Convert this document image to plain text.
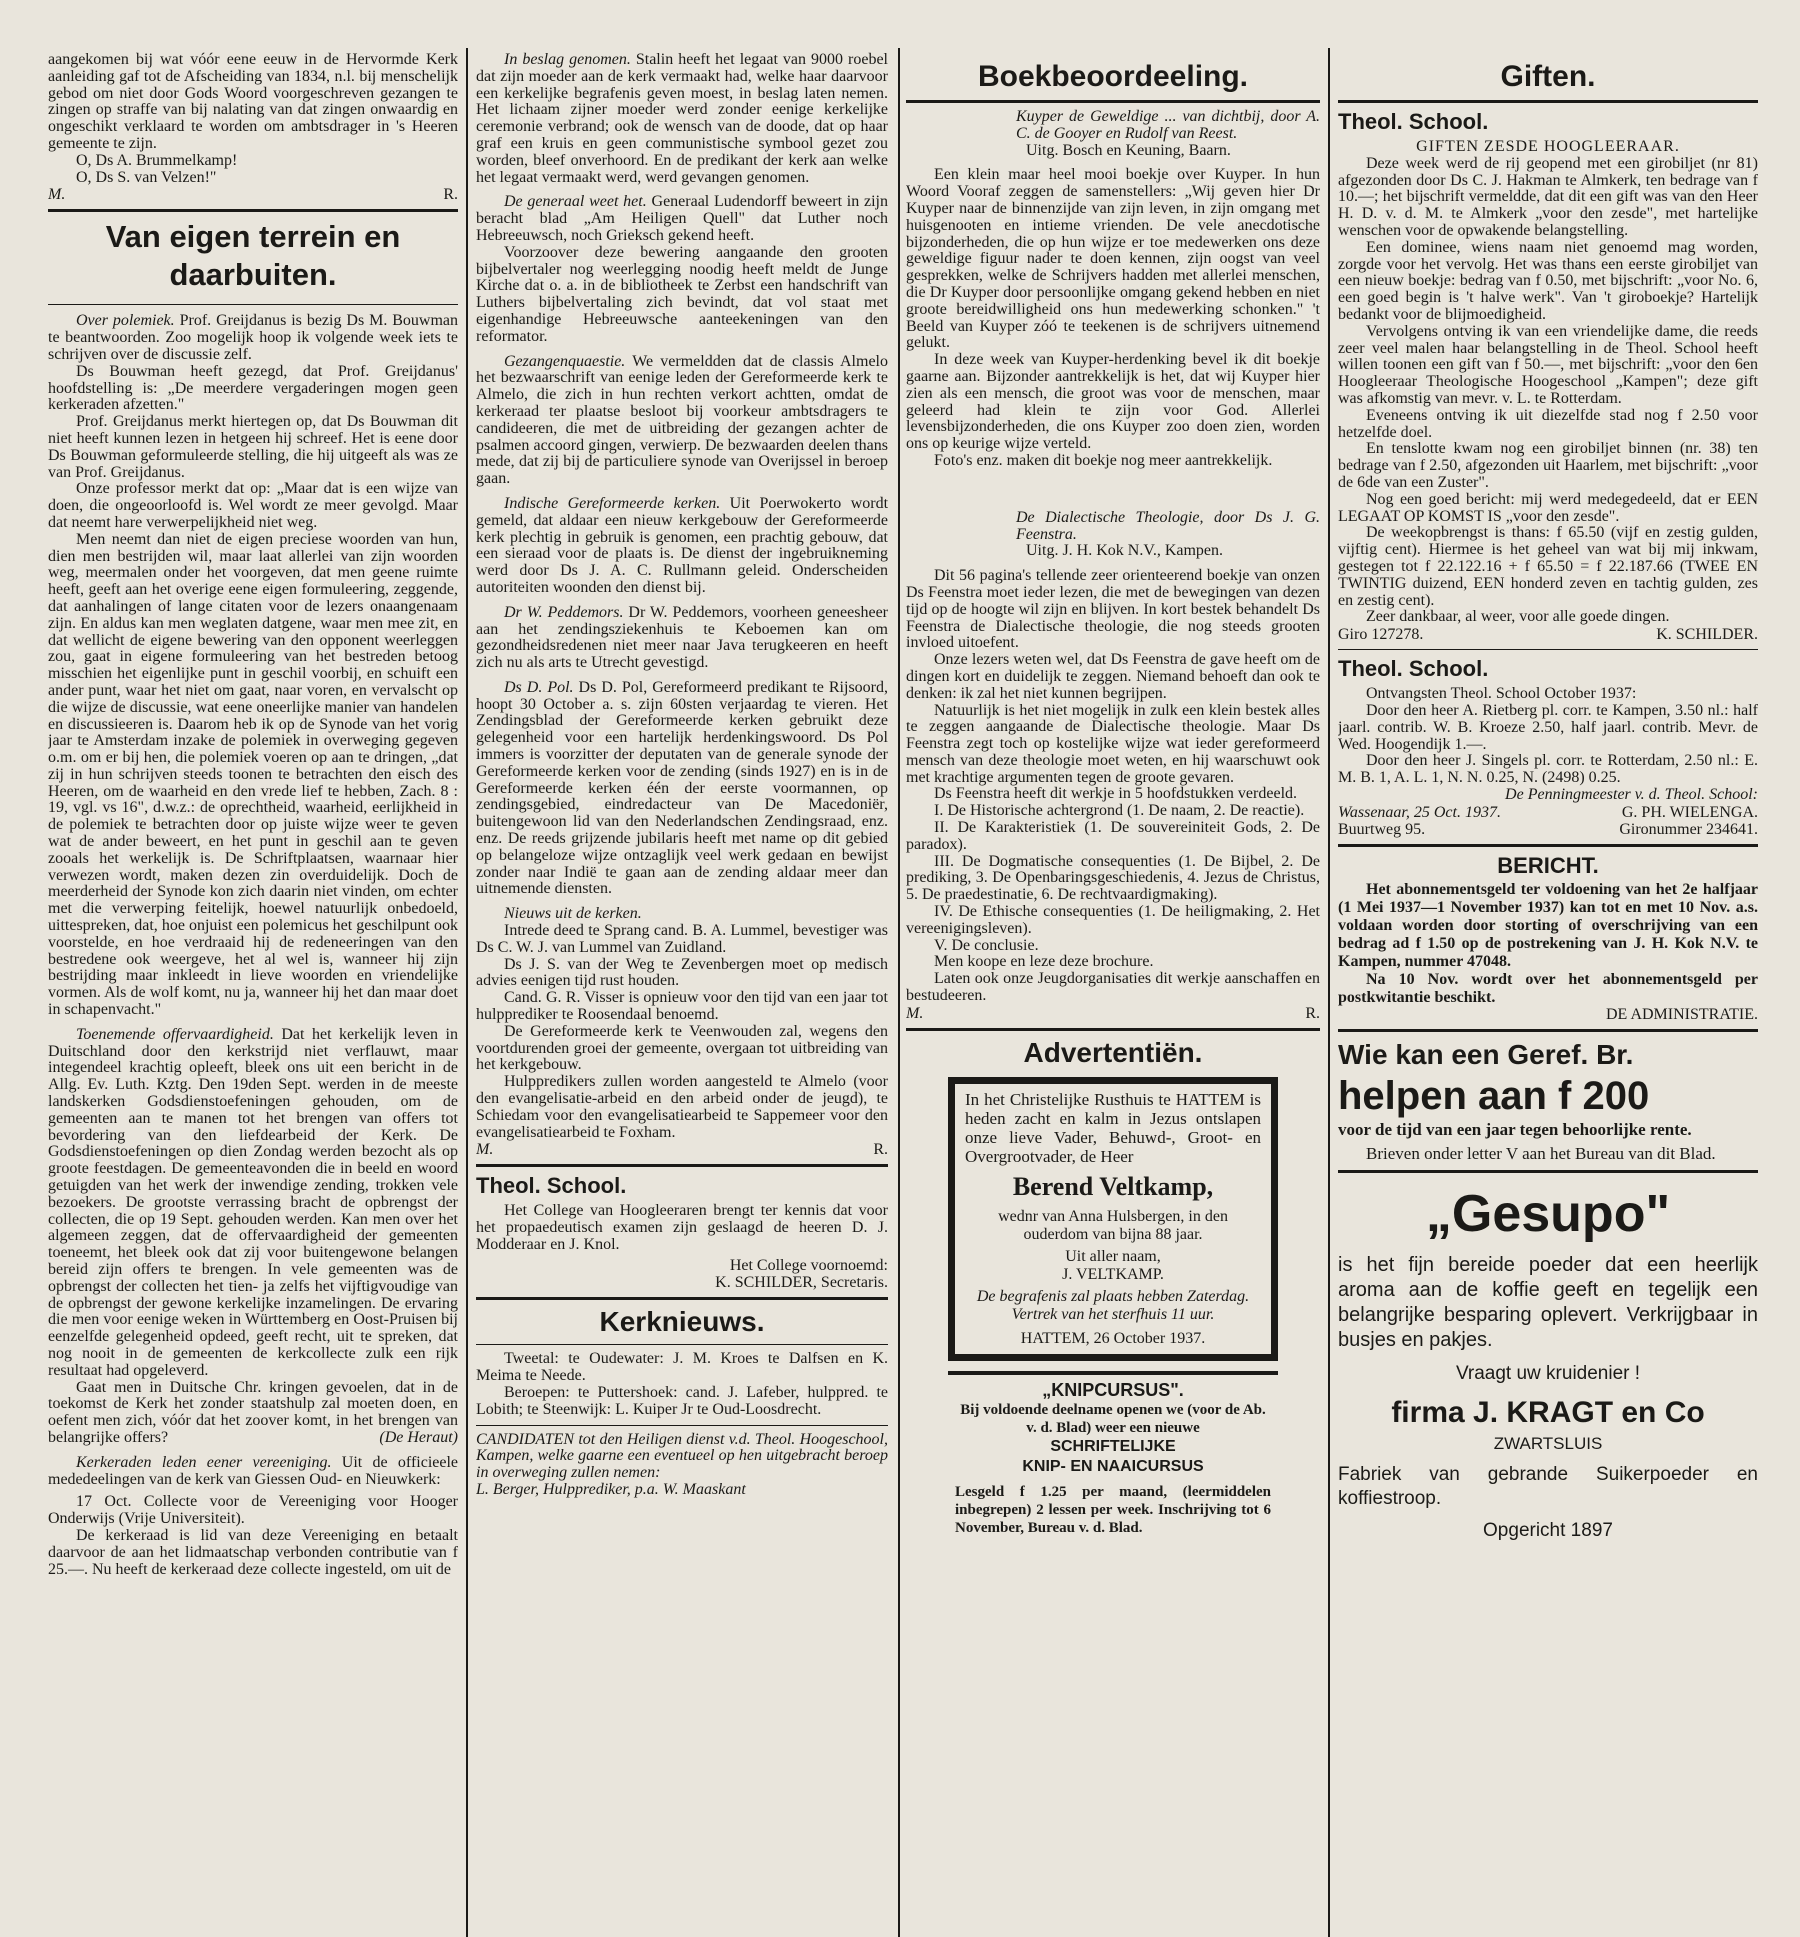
aangekomen bij wat vóór eene eeuw in de Hervormde Kerk aanleiding gaf tot de Afscheiding van 1834, n.l. bij menschelijk gebod om niet door Gods Woord voorgeschreven gezangen te zingen op straffe van bij nalating van dat zingen onwaardig en ongeschikt verklaard te worden om ambtsdrager in 's Heeren gemeente te zijn.

O, Ds A. Brummelkamp!

O, Ds S. van Velzen!"

M.	R.
Van eigen terrein en daarbuiten.

Over polemiek. Prof. Greijdanus is bezig Ds M. Bouwman te beantwoorden. Zoo mogelijk hoop ik volgende week iets te schrijven over de discussie zelf.

Ds Bouwman heeft gezegd, dat Prof. Greijdanus' hoofdstelling is: „De meerdere vergaderingen mogen geen kerkeraden afzetten."

Prof. Greijdanus merkt hiertegen op, dat Ds Bouwman dit niet heeft kunnen lezen in hetgeen hij schreef. Het is eene door Ds Bouwman geformuleerde stelling, die hij uitgeeft als was ze van Prof. Greijdanus.

Onze professor merkt dat op: „Maar dat is een wijze van doen, die ongeoorloofd is. Wel wordt ze meer gevolgd. Maar dat neemt hare verwerpelijkheid niet weg.

Men neemt dan niet de eigen preciese woorden van hun, dien men bestrijden wil, maar laat allerlei van zijn woorden weg, meermalen onder het voorgeven, dat men geene ruimte heeft, geeft aan het overige eene eigen formuleering, zeggende, dat aanhalingen of lange citaten voor de lezers onaangenaam zijn. En aldus kan men weglaten datgene, waar men mee zit, en dat wellicht de eigene bewering van den opponent weerleggen zou, gaat in eigene formuleering van het bestreden betoog misschien het eigenlijke punt in geschil voorbij, en schuift een ander punt, waar het niet om gaat, naar voren, en vervalscht op die wijze de discussie, wat eene oneerlijke manier van handelen en discussieeren is. Daarom heb ik op de Synode van het vorig jaar te Amsterdam inzake de polemiek in overweging gegeven o.m. om er bij hen, die polemiek voeren op aan te dringen, „dat zij in hun schrijven steeds toonen te betrachten den eisch des Heeren, om de waarheid en den vrede lief te hebben, Zach. 8 : 19, vgl. vs 16", d.w.z.: de oprechtheid, waarheid, eerlijkheid in de polemiek te betrachten door op juiste wijze weer te geven wat de ander beweert, en het punt in geschil aan te geven zooals het werkelijk is. De Schriftplaatsen, waarnaar hier verwezen wordt, maken dezen zin overduidelijk. Doch de meerderheid der Synode kon zich daarin niet vinden, om echter met die verwerping feitelijk, hoewel natuurlijk onbedoeld, uittespreken, dat, hoe onjuist een polemicus het geschilpunt ook voorstelde, en hoe verdraaid hij de redeneeringen van den bestredene ook weergeve, het al wel is, wanneer hij zijn bestrijding maar inkleedt in lieve woorden en vriendelijke vormen. Als de wolf komt, nu ja, wanneer hij het dan maar doet in schapenvacht."

Toenemende offervaardigheid. Dat het kerkelijk leven in Duitschland door den kerkstrijd niet verflauwt, maar integendeel krachtig opleeft, bleek ons uit een bericht in de Allg. Ev. Luth. Kztg. Den 19den Sept. werden in de meeste landskerken Godsdienstoefeningen gehouden, om de gemeenten aan te manen tot het brengen van offers tot bevordering van den liefdearbeid der Kerk. De Godsdienstoefeningen op dien Zondag werden bezocht als op groote feestdagen. De gemeenteavonden die in beeld en woord getuigden van het werk der inwendige zending, trokken vele bezoekers. De grootste verrassing bracht de opbrengst der collecten, die op 19 Sept. gehouden werden. Kan men over het algemeen zeggen, dat de offervaardigheid der gemeenten toeneemt, het bleek ook dat zij voor buitengewone belangen bereid zijn offers te brengen. In vele gemeenten was de opbrengst der collecten het tien- ja zelfs het vijftigvoudige van de opbrengst der gewone kerkelijke inzamelingen. De ervaring die men voor eenige weken in Württemberg en Oost-Pruisen bij eenzelfde gelegenheid opdeed, geeft recht, uit te spreken, dat nog nooit in de gemeenten de kerkcollecte zulk een rijk resultaat had opgeleverd.

Gaat men in Duitsche Chr. kringen gevoelen, dat in de toekomst de Kerk het zonder staatshulp zal moeten doen, en oefent men zich, vóór dat het zoover komt, in het brengen van belangrijke offers?	(De Heraut)

Kerkeraden leden eener vereeniging. Uit de officieele mededeelingen van de kerk van Giessen Oud- en Nieuwkerk:

17 Oct. Collecte voor de Vereeniging voor Hooger Onderwijs (Vrije Universiteit).

De kerkeraad is lid van deze Vereeniging en betaalt daarvoor de aan het lidmaatschap verbonden contributie van f 25.—. Nu heeft de kerkeraad deze collecte ingesteld, om uit de

In beslag genomen. Stalin heeft het legaat van 9000 roebel dat zijn moeder aan de kerk vermaakt had, welke haar daarvoor een kerkelijke begrafenis geven moest, in beslag laten nemen. Het lichaam zijner moeder werd zonder eenige kerkelijke ceremonie verbrand; ook de wensch van de doode, dat op haar graf een kruis en geen communistische symbool gezet zou worden, bleef onverhoord. En de predikant der kerk aan welke het legaat vermaakt werd, werd gevangen genomen.

De generaal weet het. Generaal Ludendorff beweert in zijn beracht blad „Am Heiligen Quell" dat Luther noch Hebreeuwsch, noch Grieksch gekend heeft.

Voorzoover deze bewering aangaande den grooten bijbelvertaler nog weerlegging noodig heeft meldt de Junge Kirche dat o. a. in de bibliotheek te Zerbst een handschrift van Luthers bijbelvertaling zich bevindt, dat vol staat met eigenhandige Hebreeuwsche aanteekeningen van den reformator.

Gezangenquaestie. We vermeldden dat de classis Almelo het bezwaarschrift van eenige leden der Gereformeerde kerk te Almelo, die zich in hun rechten verkort achtten, omdat de kerkeraad ter plaatse besloot bij voorkeur ambtsdragers te candideeren, die met de uitbreiding der gezangen achter de psalmen accoord gingen, verwierp. De bezwaarden deelen thans mede, dat zij bij de particuliere synode van Overijssel in beroep gaan.

Indische Gereformeerde kerken. Uit Poerwokerto wordt gemeld, dat aldaar een nieuw kerkgebouw der Gereformeerde kerk plechtig in gebruik is genomen, een prachtig gebouw, dat een sieraad voor de plaats is. De dienst der ingebruikneming werd door Ds J. A. C. Rullmann geleid. Onderscheiden autoriteiten woonden den dienst bij.

Dr W. Peddemors. Dr W. Peddemors, voorheen geneesheer aan het zendingsziekenhuis te Keboemen kan om gezondheidsredenen niet meer naar Java terugkeeren en heeft zich nu als arts te Utrecht gevestigd.

Ds D. Pol. Ds D. Pol, Gereformeerd predikant te Rijsoord, hoopt 30 October a. s. zijn 60sten verjaardag te vieren. Het Zendingsblad der Gereformeerde kerken gebruikt deze gelegenheid voor een hartelijk herdenkingswoord. Ds Pol immers is voorzitter der deputaten van de generale synode der Gereformeerde kerken voor de zending (sinds 1927) en is in de Gereformeerde kerken één der eerste voormannen, op zendingsgebied, eindredacteur van De Macedoniër, buitengewoon lid van den Nederlandschen Zendingsraad, enz. enz. De reeds grijzende jubilaris heeft met name op dit gebied op belangeloze wijze ontzaglijk veel werk gedaan en bewijst zonder naar Indië te gaan aan de zending aldaar meer dan uitnemende diensten.

Nieuws uit de kerken.

Intrede deed te Sprang cand. B. A. Lummel, bevestiger was Ds C. W. J. van Lummel van Zuidland.

Ds J. S. van der Weg te Zevenbergen moet op medisch advies eenigen tijd rust houden.

Cand. G. R. Visser is opnieuw voor den tijd van een jaar tot hulpprediker te Roosendaal benoemd.

De Gereformeerde kerk te Veenwouden zal, wegens den voortdurenden groei der gemeente, overgaan tot uitbreiding van het kerkgebouw.

Hulppredikers zullen worden aangesteld te Almelo (voor den evangelisatie-arbeid en den arbeid onder de jeugd), te Schiedam voor den evangelisatiearbeid te Sappemeer voor den evangelisatiearbeid te Foxham.

M.	R.
Theol. School.

Het College van Hoogleeraren brengt ter kennis dat voor het propaedeutisch examen zijn geslaagd de heeren D. J. Modderaar en J. Knol.

Het College voornoemd:

K. SCHILDER, Secretaris.

Kerknieuws.

Tweetal: te Oudewater: J. M. Kroes te Dalfsen en K. Meima te Neede.

Beroepen: te Puttershoek: cand. J. Lafeber, hulppred. te Lobith; te Steenwijk: L. Kuiper Jr te Oud-Loosdrecht.

CANDIDATEN tot den Heiligen dienst v.d. Theol. Hoogeschool, Kampen, welke gaarne een eventueel op hen uitgebracht beroep in overweging zullen nemen:

L. Berger, Hulpprediker, p.a. W. Maaskant

Boekbeoordeeling.

Kuyper de Geweldige ... van dichtbij, door A. C. de Gooyer en Rudolf van Reest.

Uitg. Bosch en Keuning, Baarn.

Een klein maar heel mooi boekje over Kuyper. In hun Woord Vooraf zeggen de samenstellers: „Wij geven hier Dr Kuyper naar de binnenzijde van zijn leven, in zijn omgang met huisgenooten en intieme vrienden. De vele anecdotische bijzonderheden, die op hun wijze er toe medewerken ons deze geweldige figuur nader te doen kennen, zijn oogst van veel gesprekken, welke de Schrijvers hadden met allerlei menschen, die Dr Kuyper door persoonlijke omgang gekend hebben en niet groote bereidwilligheid ons hun medewerking schonken." 't Beeld van Kuyper zóó te teekenen is de schrijvers uitnemend gelukt.

In deze week van Kuyper-herdenking bevel ik dit boekje gaarne aan. Bijzonder aantrekkelijk is het, dat wij Kuyper hier zien als een mensch, die groot was voor de menschen, maar geleerd had klein te zijn voor God. Allerlei levensbijzonderheden, die ons Kuyper zoo doen zien, worden ons op keurige wijze verteld.

Foto's enz. maken dit boekje nog meer aantrekkelijk.

De Dialectische Theologie, door Ds J. G. Feenstra.

Uitg. J. H. Kok N.V., Kampen.

Dit 56 pagina's tellende zeer orienteerend boekje van onzen Ds Feenstra moet ieder lezen, die met de bewegingen van dezen tijd op de hoogte wil zijn en blijven. In kort bestek behandelt Ds Feenstra de Dialectische theologie, die nog steeds grooten invloed uitoefent.

Onze lezers weten wel, dat Ds Feenstra de gave heeft om de dingen kort en duidelijk te zeggen. Niemand behoeft dan ook te denken: ik zal het niet kunnen begrijpen.

Natuurlijk is het niet mogelijk in zulk een klein bestek alles te zeggen aangaande de Dialectische theologie. Maar Ds Feenstra zegt toch op kostelijke wijze wat ieder gereformeerd mensch van deze theologie moet weten, en hij waarschuwt ook met krachtige argumenten tegen de groote gevaren.

Ds Feenstra heeft dit werkje in 5 hoofdstukken verdeeld.

I. De Historische achtergrond (1. De naam, 2. De reactie).

II. De Karakteristiek (1. De souvereiniteit Gods, 2. De paradox).

III. De Dogmatische consequenties (1. De Bijbel, 2. De prediking, 3. De Openbaringsgeschiedenis, 4. Jezus de Christus, 5. De praedestinatie, 6. De rechtvaardigmaking).

IV. De Ethische consequenties (1. De heiligmaking, 2. Het vereenigingsleven).

V. De conclusie.

Men koope en leze deze brochure.

Laten ook onze Jeugdorganisaties dit werkje aanschaffen en bestudeeren.

M.	R.
Advertentiën.

In het Christelijke Rusthuis te HATTEM is heden zacht en kalm in Jezus ontslapen onze lieve Vader, Behuwd-, Groot- en Overgrootvader, de Heer

Berend Veltkamp,

wednr van Anna Hulsbergen, in den ouderdom van bijna 88 jaar.

Uit aller naam,

J. VELTKAMP.

De begrafenis zal plaats hebben Zaterdag. Vertrek van het sterfhuis 11 uur.

HATTEM, 26 October 1937.

„KNIPCURSUS".

Bij voldoende deelname openen we (voor de Ab. v. d. Blad) weer een nieuwe

SCHRIFTELIJKE

KNIP- EN NAAICURSUS

Lesgeld f 1.25 per maand, (leermiddelen inbegrepen) 2 lessen per week. Inschrijving tot 6 November, Bureau v. d. Blad.

Giften.
Theol. School.

GIFTEN ZESDE HOOGLEERAAR.

Deze week werd de rij geopend met een girobiljet (nr 81) afgezonden door Ds C. J. Hakman te Almkerk, ten bedrage van f 10.—; het bijschrift vermeldde, dat dit een gift was van den Heer H. D. v. d. M. te Almkerk „voor den zesde", met hartelijke wenschen voor de opwakende belangstelling.

Een dominee, wiens naam niet genoemd mag worden, zorgde voor het vervolg. Het was thans een eerste girobiljet van een nieuw boekje: bedrag van f 0.50, met bijschrift: „voor No. 6, een goed begin is 't halve werk". Van 't giroboekje? Hartelijk bedankt voor de blijmoedigheid.

Vervolgens ontving ik van een vriendelijke dame, die reeds zeer veel malen haar belangstelling in de Theol. School heeft willen toonen een gift van f 50.—, met bijschrift: „voor den 6en Hoogleeraar Theologische Hoogeschool „Kampen"; deze gift was afkomstig van mevr. v. L. te Rotterdam.

Eveneens ontving ik uit diezelfde stad nog f 2.50 voor hetzelfde doel.

En tenslotte kwam nog een girobiljet binnen (nr. 38) ten bedrage van f 2.50, afgezonden uit Haarlem, met bijschrift: „voor de 6de van een Zuster".

Nog een goed bericht: mij werd medegedeeld, dat er EEN LEGAAT OP KOMST IS „voor den zesde".

De weekopbrengst is thans: f 65.50 (vijf en zestig gulden, vijftig cent). Hiermee is het geheel van wat bij mij inkwam, gestegen tot f 22.122.16 + f 65.50 = f 22.187.66 (TWEE EN TWINTIG duizend, EEN honderd zeven en tachtig gulden, zes en zestig cent).

Zeer dankbaar, al weer, voor alle goede dingen.

Giro 127278.	K. SCHILDER.
Theol. School.

Ontvangsten Theol. School October 1937:

Door den heer A. Rietberg pl. corr. te Kampen, 3.50 nl.: half jaarl. contrib. W. B. Kroeze 2.50, half jaarl. contrib. Mevr. de Wed. Hoogendijk 1.—.

Door den heer J. Singels pl. corr. te Rotterdam, 2.50 nl.: E. M. B. 1, A. L. 1, N. N. 0.25, N. (2498) 0.25.

De Penningmeester v. d. Theol. School:

Wassenaar, 25 Oct. 1937.	G. PH. WIELENGA.
Buurtweg 95.	Gironummer 234641.
BERICHT.

Het abonnementsgeld ter voldoening van het 2e halfjaar (1 Mei 1937—1 November 1937) kan tot en met 10 Nov. a.s. voldaan worden door storting of overschrijving van een bedrag ad f 1.50 op de postrekening van J. H. Kok N.V. te Kampen, nummer 47048.

Na 10 Nov. wordt over het abonnementsgeld per postkwitantie beschikt.

DE ADMINISTRATIE.

Wie kan een Geref. Br.
helpen aan f 200

voor de tijd van een jaar tegen behoorlijke rente.

Brieven onder letter V aan het Bureau van dit Blad.

„Gesupo"

is het fijn bereide poeder dat een heerlijk aroma aan de koffie geeft en tegelijk een belangrijke besparing oplevert. Verkrijgbaar in busjes en pakjes.

Vraagt uw kruidenier !

firma J. KRAGT en Co

ZWARTSLUIS

Fabriek van gebrande Suikerpoeder en koffiestroop.

Opgericht 1897
